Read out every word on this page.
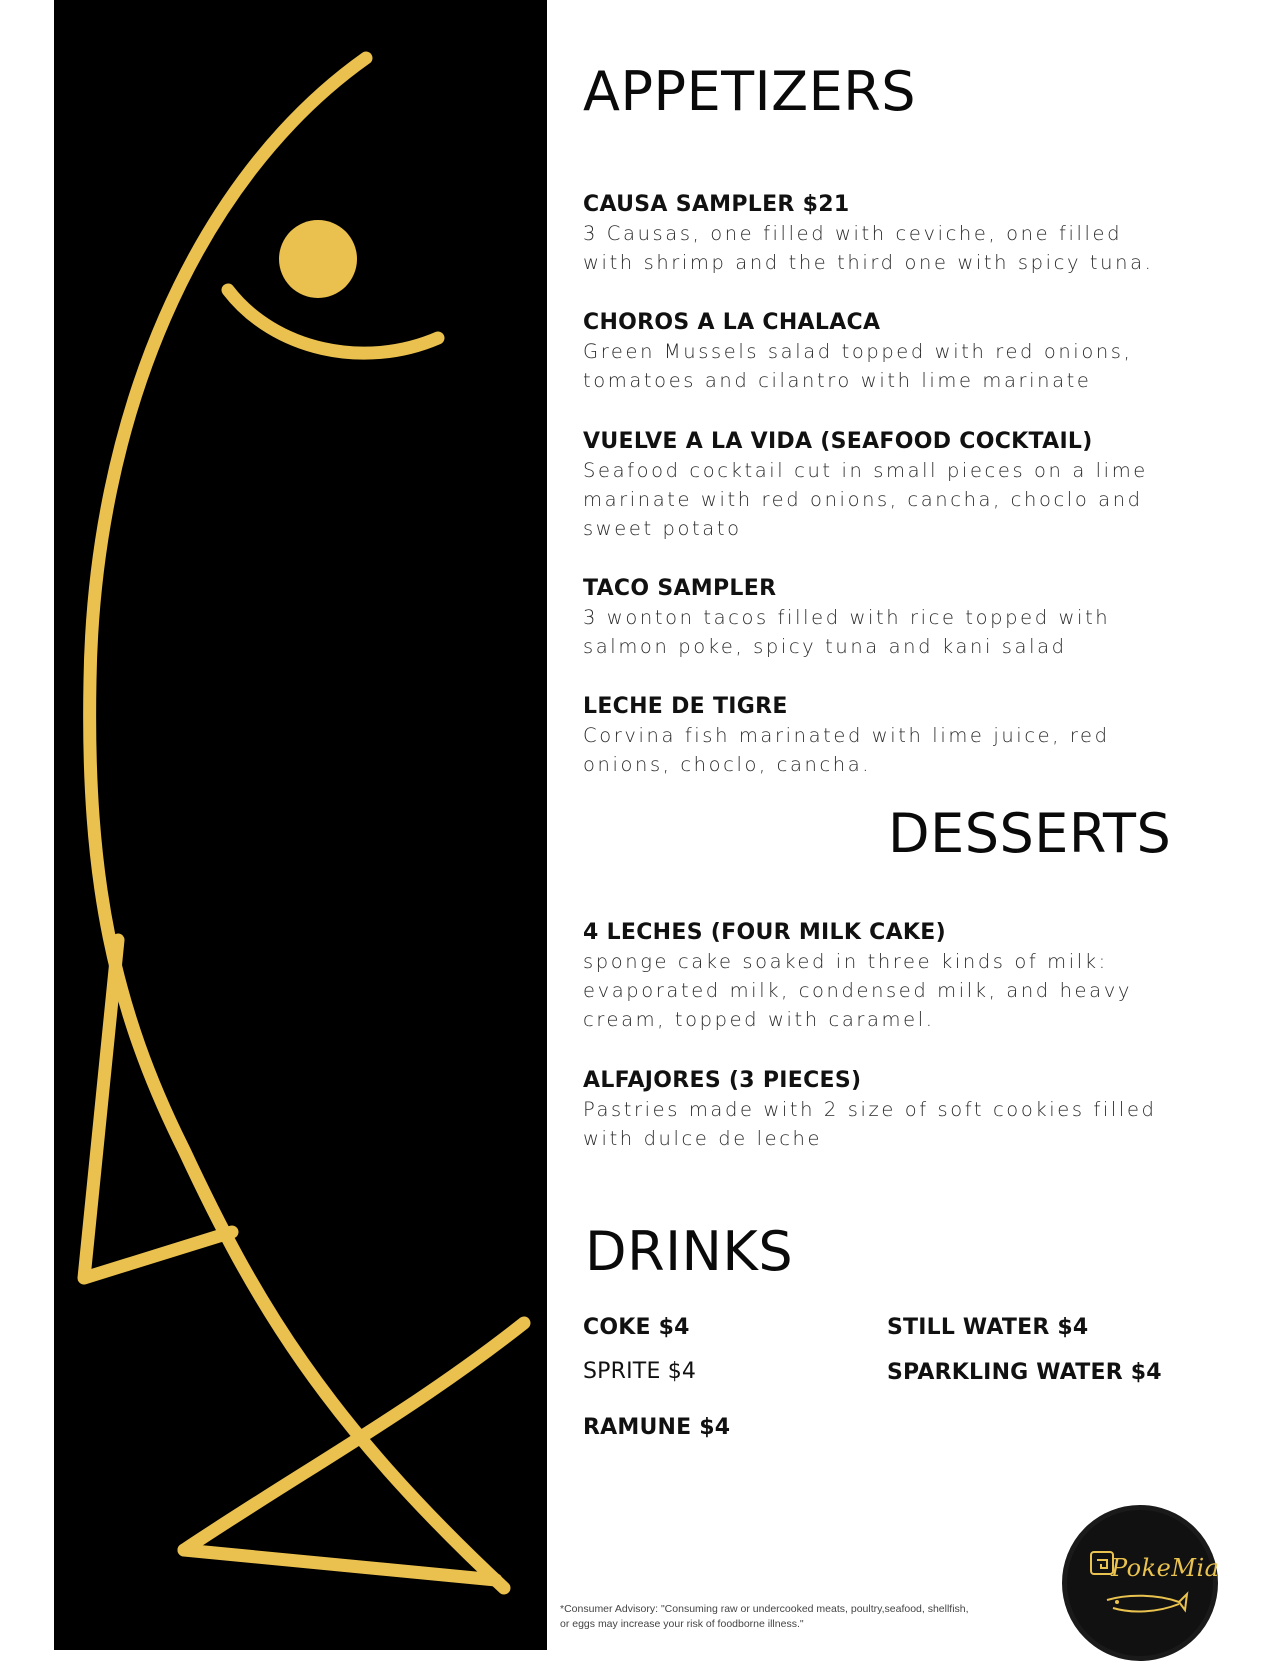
APPETIZERS
CAUSA SAMPLER $21
3 Causas, one filled with ceviche, one filled with shrimp and the third one with spicy tuna.
CHOROS A LA CHALACA
Green Mussels salad topped with red onions, tomatoes and cilantro with lime marinate
VUELVE A LA VIDA (SEAFOOD COCKTAIL)
Seafood cocktail cut in small pieces on a lime marinate with red onions, cancha, choclo and sweet potato
TACO SAMPLER
3 wonton tacos filled with rice topped with salmon poke, spicy tuna and kani salad
LECHE DE TIGRE
Corvina fish marinated with lime juice, red onions, choclo, cancha.
DESSERTS
4 LECHES (FOUR MILK CAKE)
sponge cake soaked in three kinds of milk: evaporated milk, condensed milk, and heavy cream, topped with caramel.
ALFAJORES (3 PIECES)
Pastries made with 2 size of soft cookies filled with dulce de leche
DRINKS
COKE $4
SPRITE $4
RAMUNE $4
STILL WATER $4
SPARKLING WATER $4
*Consumer Advisory: "Consuming raw or undercooked meats, poultry,seafood, shellfish, or eggs may increase your risk of foodborne illness."
PokeMia
